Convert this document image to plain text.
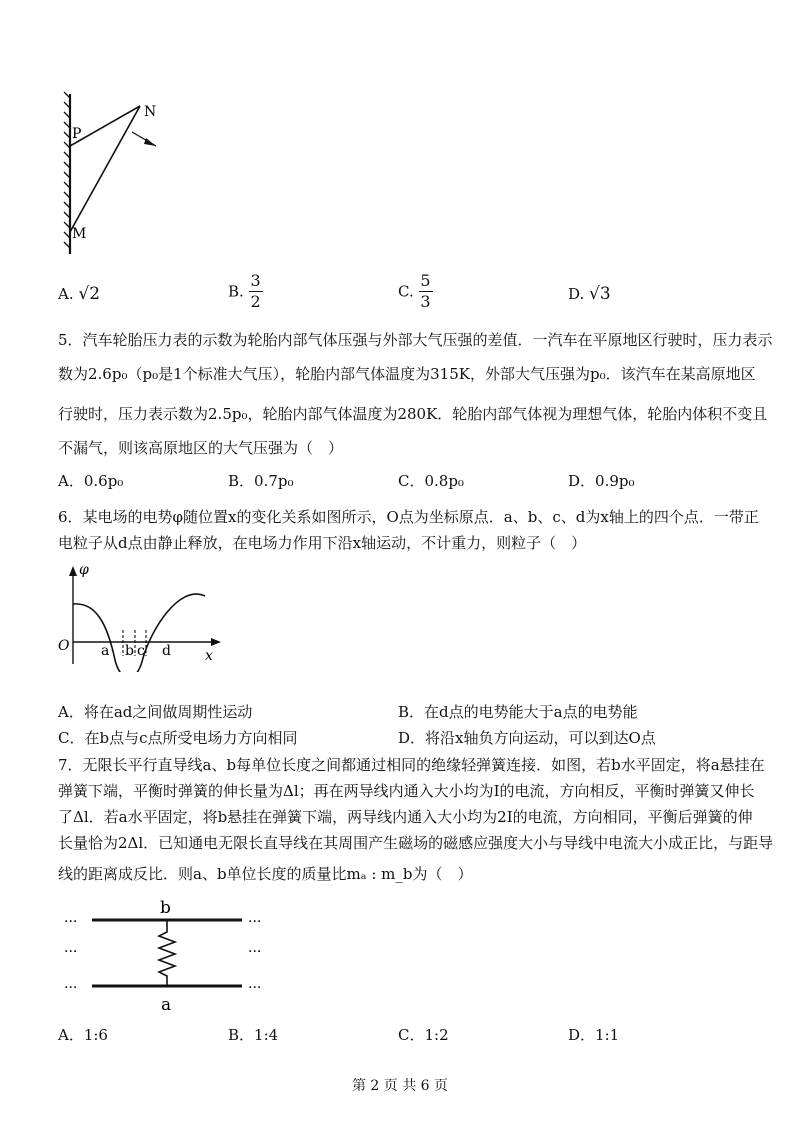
N
P
M
A. √2	B. $\frac{3}{2}$	C. $\frac{5}{3}$	D. √3
5．汽车轮胎压力表的示数为轮胎内部气体压强与外部大气压强的差值．一汽车在平原地区行驶时，压力表示
数为2.6p₀（p₀是1个标准大气压），轮胎内部气体温度为315K，外部大气压强为p₀．该汽车在某高原地区
行驶时，压力表示数为2.5p₀，轮胎内部气体温度为280K．轮胎内部气体视为理想气体，轮胎内体积不变且
不漏气，则该高原地区的大气压强为（　）
A．0.6p₀	B．0.7p₀	C．0.8p₀	D．0.9p₀
6．某电场的电势φ随位置x的变化关系如图所示，O点为坐标原点．a、b、c、d为x轴上的四个点．一带正
电粒子从d点由静止释放，在电场力作用下沿x轴运动，不计重力，则粒子（　）
φ
O a b c d x
A．将在ad之间做周期性运动	B．在d点的电势能大于a点的电势能
C．在b点与c点所受电场力方向相同	D．将沿x轴负方向运动，可以到达O点
7．无限长平行直导线a、b每单位长度之间都通过相同的绝缘轻弹簧连接．如图，若b水平固定，将a悬挂在
弹簧下端，平衡时弹簧的伸长量为Δl；再在两导线内通入大小均为I的电流，方向相反，平衡时弹簧又伸长
了Δl．若a水平固定，将b悬挂在弹簧下端，两导线内通入大小均为2I的电流，方向相同，平衡后弹簧的伸
长量恰为2Δl．已知通电无限长直导线在其周围产生磁场的磁感应强度大小与导线中电流大小成正比，与距导
线的距离成反比．则a、b单位长度的质量比mₐ : m_b为（　）
b
a
···
···
···
···
···
···
A．1:6	B．1:4	C．1:2	D．1:1
第 2 页 共 6 页
